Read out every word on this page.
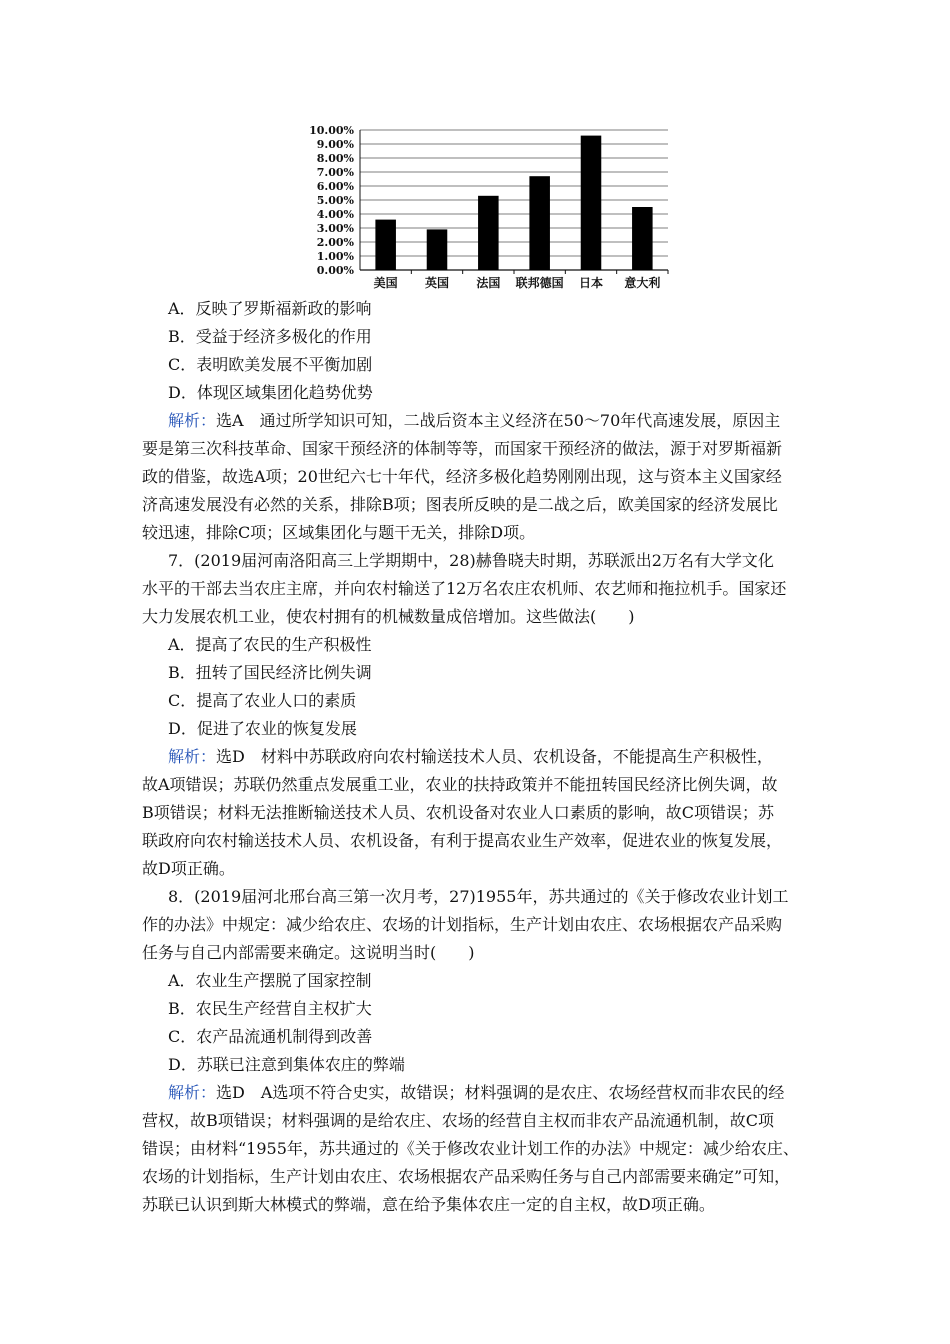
0.00%
1.00%
2.00%
3.00%
4.00%
5.00%
6.00%
7.00%
8.00%
9.00%
10.00%
美国 英国 法国 联邦德国 日本 意大利
A．反映了罗斯福新政的影响
B．受益于经济多极化的作用
C．表明欧美发展不平衡加剧
D．体现区域集团化趋势优势
解析：选A　通过所学知识可知，二战后资本主义经济在50～70年代高速发展，原因主
要是第三次科技革命、国家干预经济的体制等等，而国家干预经济的做法，源于对罗斯福新
政的借鉴，故选A项；20世纪六七十年代，经济多极化趋势刚刚出现，这与资本主义国家经
济高速发展没有必然的关系，排除B项；图表所反映的是二战之后，欧美国家的经济发展比
较迅速，排除C项；区域集团化与题干无关，排除D项。
7．(2019届河南洛阳高三上学期期中，28)赫鲁晓夫时期，苏联派出2万名有大学文化
水平的干部去当农庄主席，并向农村输送了12万名农庄农机师、农艺师和拖拉机手。国家还
大力发展农机工业，使农村拥有的机械数量成倍增加。这些做法(　　)
A．提高了农民的生产积极性
B．扭转了国民经济比例失调
C．提高了农业人口的素质
D．促进了农业的恢复发展
解析：选D　材料中苏联政府向农村输送技术人员、农机设备，不能提高生产积极性，
故A项错误；苏联仍然重点发展重工业，农业的扶持政策并不能扭转国民经济比例失调，故
B项错误；材料无法推断输送技术人员、农机设备对农业人口素质的影响，故C项错误；苏
联政府向农村输送技术人员、农机设备，有利于提高农业生产效率，促进农业的恢复发展，
故D项正确。
8．(2019届河北邢台高三第一次月考，27)1955年，苏共通过的《关于修改农业计划工
作的办法》中规定：减少给农庄、农场的计划指标，生产计划由农庄、农场根据农产品采购
任务与自己内部需要来确定。这说明当时(　　)
A．农业生产摆脱了国家控制
B．农民生产经营自主权扩大
C．农产品流通机制得到改善
D．苏联已注意到集体农庄的弊端
解析：选D　A选项不符合史实，故错误；材料强调的是农庄、农场经营权而非农民的经
营权，故B项错误；材料强调的是给农庄、农场的经营自主权而非农产品流通机制，故C项
错误；由材料“1955年，苏共通过的《关于修改农业计划工作的办法》中规定：减少给农庄、
农场的计划指标，生产计划由农庄、农场根据农产品采购任务与自己内部需要来确定”可知，
苏联已认识到斯大林模式的弊端，意在给予集体农庄一定的自主权，故D项正确。
